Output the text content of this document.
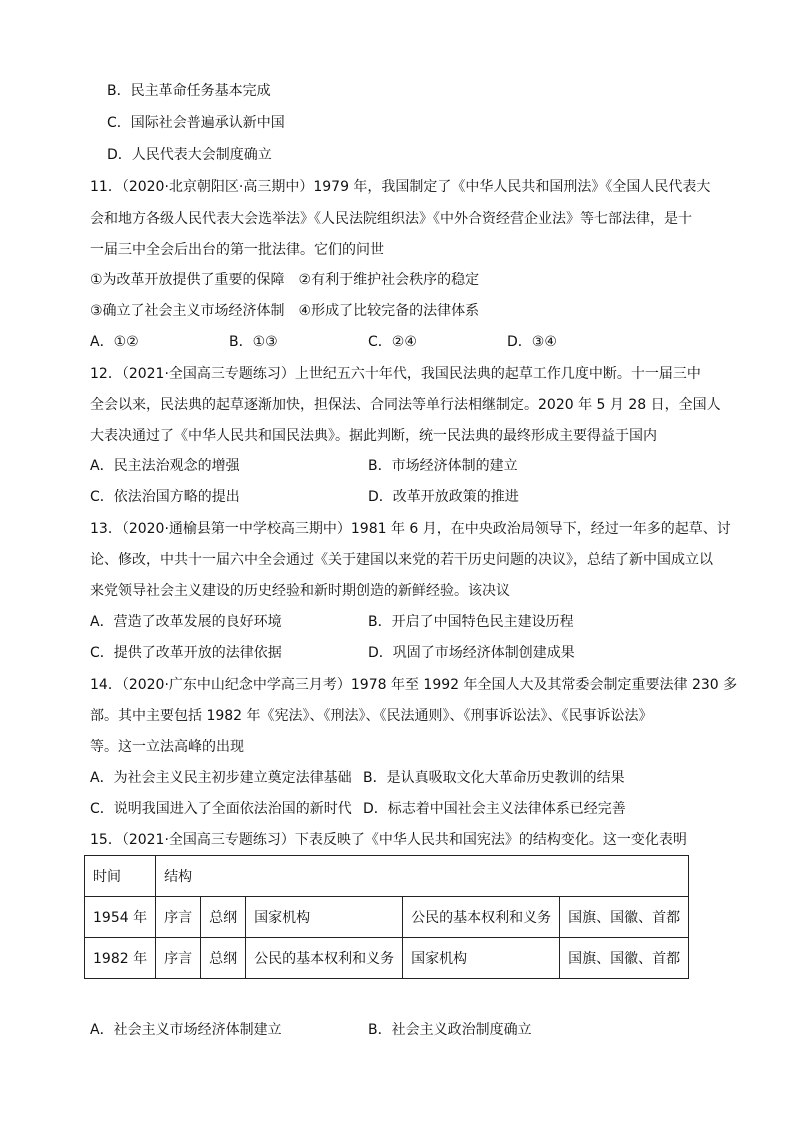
B．民主革命任务基本完成
C．国际社会普遍承认新中国
D．人民代表大会制度确立
11．（2020·北京朝阳区·高三期中）1979 年，我国制定了《中华人民共和国刑法》《全国人民代表大
会和地方各级人民代表大会选举法》《人民法院组织法》《中外合资经营企业法》等七部法律，是十
一届三中全会后出台的第一批法律。它们的问世
①为改革开放提供了重要的保障　②有利于维护社会秩序的稳定
③确立了社会主义市场经济体制　④形成了比较完备的法律体系
A．①②	B．①③	C．②④	D．③④
12．（2021·全国高三专题练习）上世纪五六十年代，我国民法典的起草工作几度中断。十一届三中
全会以来，民法典的起草逐渐加快，担保法、合同法等单行法相继制定。2020 年 5 月 28 日，全国人
大表决通过了《中华人民共和国民法典》。据此判断，统一民法典的最终形成主要得益于国内
A．民主法治观念的增强	B．市场经济体制的建立
C．依法治国方略的提出	D．改革开放政策的推进
13．（2020·通榆县第一中学校高三期中）1981 年 6 月，在中央政治局领导下，经过一年多的起草、讨
论、修改，中共十一届六中全会通过《关于建国以来党的若干历史问题的决议》，总结了新中国成立以
来党领导社会主义建设的历史经验和新时期创造的新鲜经验。该决议
A．营造了改革发展的良好环境	B．开启了中国特色民主建设历程
C．提供了改革开放的法律依据	D．巩固了市场经济体制创建成果
14．（2020·广东中山纪念中学高三月考）1978 年至 1992 年全国人大及其常委会制定重要法律 230 多
部。其中主要包括 1982 年《宪法》、《刑法》、《民法通则》、《刑事诉讼法》、《民事诉讼法》
等。这一立法高峰的出现
A．为社会主义民主初步建立奠定法律基础 B．是认真吸取文化大革命历史教训的结果
C．说明我国进入了全面依法治国的新时代 D．标志着中国社会主义法律体系已经完善
15．（2021·全国高三专题练习）下表反映了《中华人民共和国宪法》的结构变化。这一变化表明
时间	结构				
1954 年	序言	总纲	国家机构	公民的基本权利和义务	国旗、国徽、首都
1982 年	序言	总纲	公民的基本权利和义务	国家机构	国旗、国徽、首都
A．社会主义市场经济体制建立	B．社会主义政治制度确立
